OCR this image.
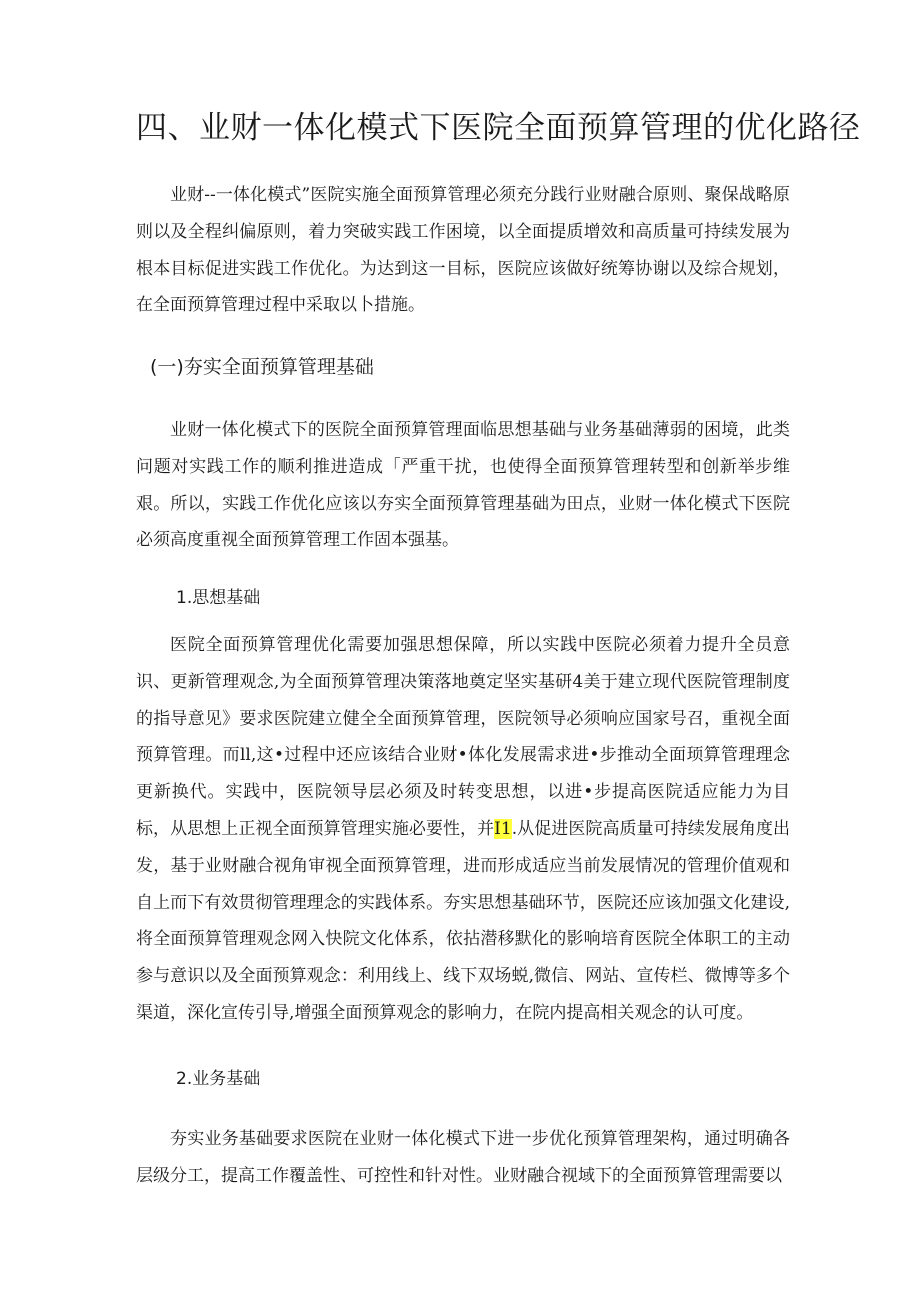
四、业财一体化模式下医院全面预算管理的优化路径

业财--一体化模式”医院实施全面预算管理必须充分践行业财融合原则、聚保战略原则以及全程纠偏原则，着力突破实践工作困境，以全面提质增效和高质量可持续发展为根本目标促进实践工作优化。为达到这一目标，医院应该做好统筹协谢以及综合规划，在全面预算管理过程中采取以卜措施。

(一)夯实全面预算管理基础

业财一体化模式下的医院全面预算管理面临思想基础与业务基础薄弱的困境，此类问题对实践工作的顺利推进造成「严重干扰，也使得全面预算管理转型和创新举步维艰。所以，实践工作优化应该以夯实全面预算管理基础为田点，业财一体化模式下医院必须高度重视全面预算管理工作固本强基。

1.思想基础

医院全面预算管理优化需要加强思想保障，所以实践中医院必须着力提升全员意识、更新管理观念,为全面预算管理决策落地奠定坚实基研4美于建立现代医院管理制度的指导意见》要求医院建立健全全面预算管理，医院领导必须响应国家号召，重视全面预算管理。而ll,这•过程中还应该结合业财•体化发展需求进•步推动全面顼算管理理念更新换代。实践中，医院领导层必须及时转变思想，以进•步提高医院适应能力为目标，从思想上正视全面预算管理实施必要性，并I1.从促进医院高质量可持续发展角度出发，基于业财融合视角审视全面预算管理，进而形成适应当前发展情况的管理价值观和自上而下有效贯彻管理理念的实践体系。夯实思想基础环节，医院还应该加强文化建设,将全面预算管理观念网入快院文化体系，依拈潜移默化的影响培育医院全体职工的主动参与意识以及全面预算观念：利用线上、线下双场蜕,微信、网站、宣传栏、微博等多个渠道，深化宣传引导,增强全面预算观念的影响力，在院内提高相关观念的认可度。

2.业务基础

夯实业务基础要求医院在业财一体化模式下进一步优化预算管理架构，通过明确各层级分工，提高工作覆盖性、可控性和针对性。业财融合视域下的全面预算管理需要以
